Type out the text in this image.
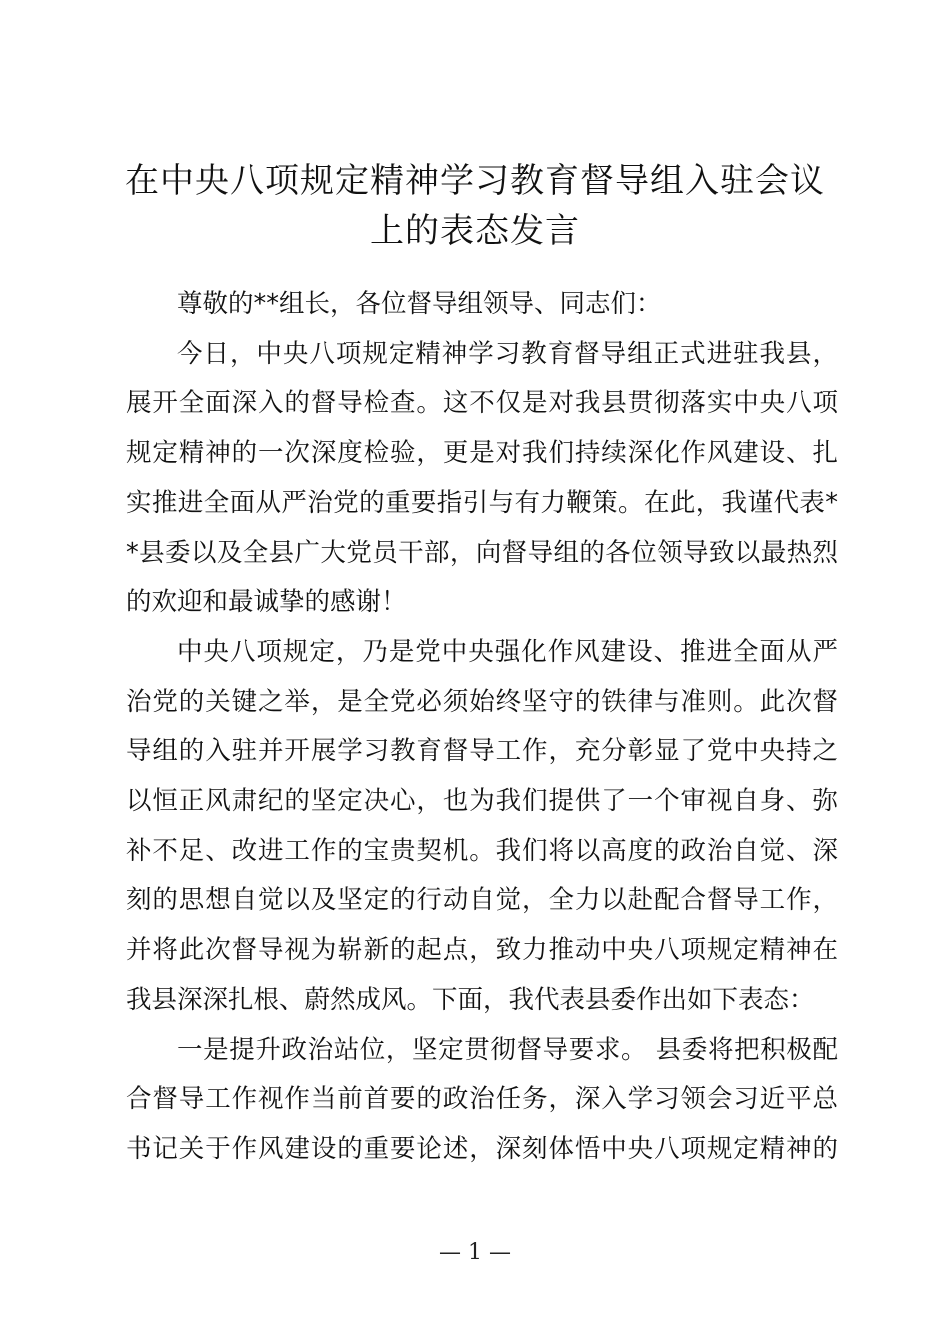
在中央八项规定精神学习教育督导组入驻会议
上的表态发言

尊敬的**组长，各位督导组领导、同志们：

今日，中央八项规定精神学习教育督导组正式进驻我县，
展开全面深入的督导检查。这不仅是对我县贯彻落实中央八项
规定精神的一次深度检验，更是对我们持续深化作风建设、扎
实推进全面从严治党的重要指引与有力鞭策。在此，我谨代表*
*县委以及全县广大党员干部，向督导组的各位领导致以最热烈
的欢迎和最诚挚的感谢！

中央八项规定，乃是党中央强化作风建设、推进全面从严
治党的关键之举，是全党必须始终坚守的铁律与准则。此次督
导组的入驻并开展学习教育督导工作，充分彰显了党中央持之
以恒正风肃纪的坚定决心，也为我们提供了一个审视自身、弥
补不足、改进工作的宝贵契机。我们将以高度的政治自觉、深
刻的思想自觉以及坚定的行动自觉，全力以赴配合督导工作，
并将此次督导视为崭新的起点，致力推动中央八项规定精神在
我县深深扎根、蔚然成风。下面，我代表县委作出如下表态：

一是提升政治站位，坚定贯彻督导要求。 县委将把积极配
合督导工作视作当前首要的政治任务，深入学习领会习近平总
书记关于作风建设的重要论述，深刻体悟中央八项规定精神的

— 1 —
